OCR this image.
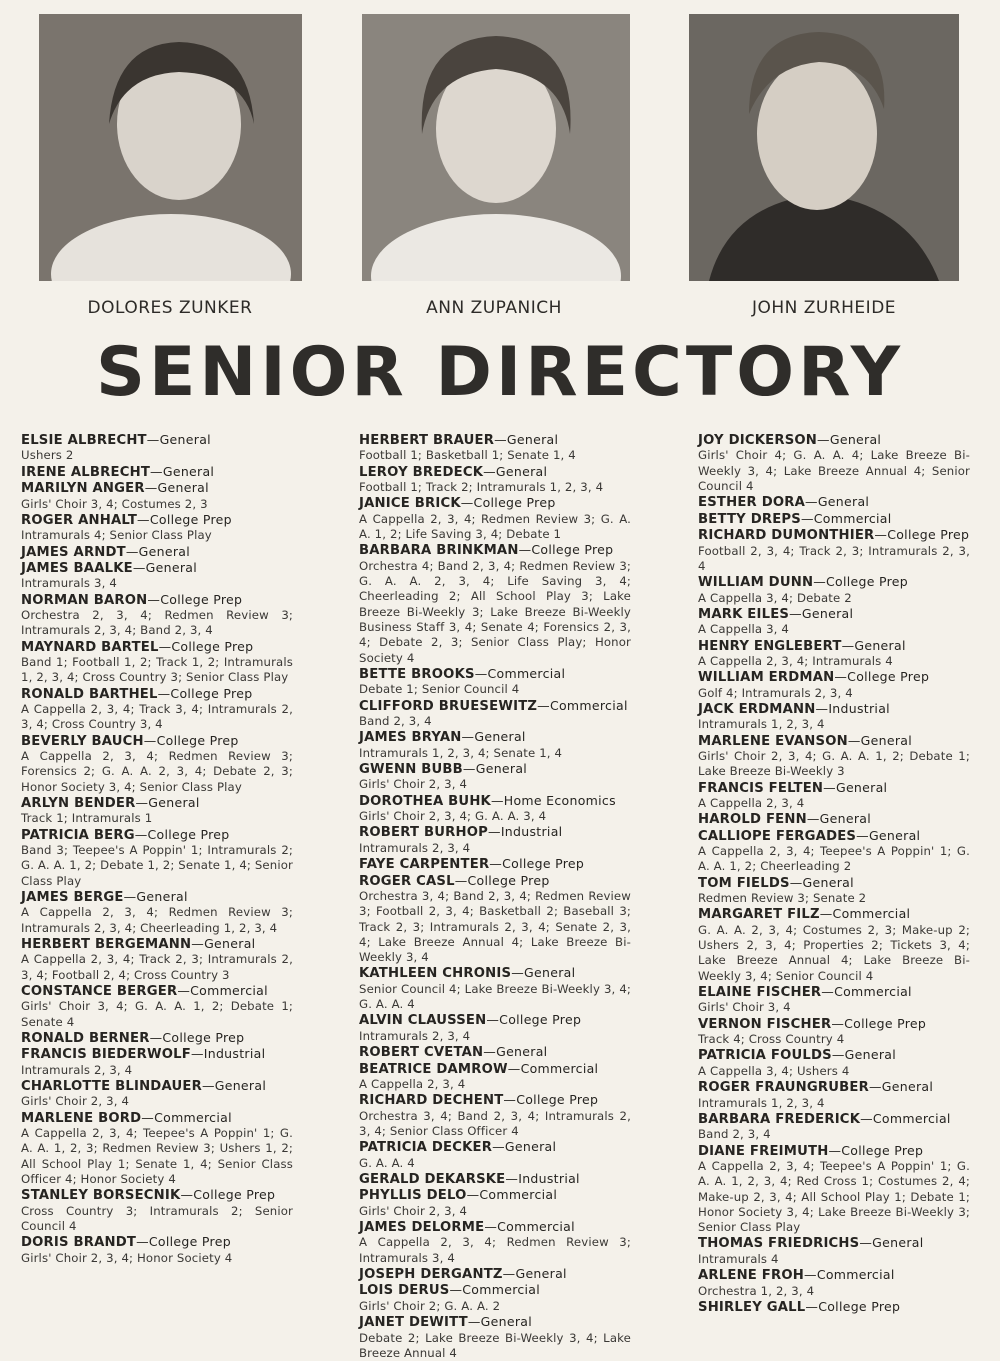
DOLORES ZUNKER	ANN ZUPANICH	JOHN ZURHEIDE
SENIOR DIRECTORY
ELSIE ALBRECHT—General
Ushers 2
IRENE ALBRECHT—General
MARILYN ANGER—General
Girls' Choir 3, 4; Costumes 2, 3
ROGER ANHALT—College Prep
Intramurals 4; Senior Class Play
JAMES ARNDT—General
JAMES BAALKE—General
Intramurals 3, 4
NORMAN BARON—College Prep
Orchestra 2, 3, 4; Redmen Review 3; Intramurals 2, 3, 4; Band 2, 3, 4
MAYNARD BARTEL—College Prep
Band 1; Football 1, 2; Track 1, 2; Intramurals 1, 2, 3, 4; Cross Country 3; Senior Class Play
RONALD BARTHEL—College Prep
A Cappella 2, 3, 4; Track 3, 4; Intramurals 2, 3, 4; Cross Country 3, 4
BEVERLY BAUCH—College Prep
A Cappella 2, 3, 4; Redmen Review 3; Forensics 2; G. A. A. 2, 3, 4; Debate 2, 3; Honor Society 3, 4; Senior Class Play
ARLYN BENDER—General
Track 1; Intramurals 1
PATRICIA BERG—College Prep
Band 3; Teepee's A Poppin' 1; Intramurals 2; G. A. A. 1, 2; Debate 1, 2; Senate 1, 4; Senior Class Play
JAMES BERGE—General
A Cappella 2, 3, 4; Redmen Review 3; Intramurals 2, 3, 4; Cheerleading 1, 2, 3, 4
HERBERT BERGEMANN—General
A Cappella 2, 3, 4; Track 2, 3; Intramurals 2, 3, 4; Football 2, 4; Cross Country 3
CONSTANCE BERGER—Commercial
Girls' Choir 3, 4; G. A. A. 1, 2; Debate 1; Senate 4
RONALD BERNER—College Prep
FRANCIS BIEDERWOLF—Industrial
Intramurals 2, 3, 4
CHARLOTTE BLINDAUER—General
Girls' Choir 2, 3, 4
MARLENE BORD—Commercial
A Cappella 2, 3, 4; Teepee's A Poppin' 1; G. A. A. 1, 2, 3; Redmen Review 3; Ushers 1, 2; All School Play 1; Senate 1, 4; Senior Class Officer 4; Honor Society 4
STANLEY BORSECNIK—College Prep
Cross Country 3; Intramurals 2; Senior Council 4
DORIS BRANDT—College Prep
Girls' Choir 2, 3, 4; Honor Society 4
HERBERT BRAUER—General
Football 1; Basketball 1; Senate 1, 4
LEROY BREDECK—General
Football 1; Track 2; Intramurals 1, 2, 3, 4
JANICE BRICK—College Prep
A Cappella 2, 3, 4; Redmen Review 3; G. A. A. 1, 2; Life Saving 3, 4; Debate 1
BARBARA BRINKMAN—College Prep
Orchestra 4; Band 2, 3, 4; Redmen Review 3; G. A. A. 2, 3, 4; Life Saving 3, 4; Cheerleading 2; All School Play 3; Lake Breeze Bi-Weekly 3; Lake Breeze Bi-Weekly Business Staff 3, 4; Senate 4; Forensics 2, 3, 4; Debate 2, 3; Senior Class Play; Honor Society 4
BETTE BROOKS—Commercial
Debate 1; Senior Council 4
CLIFFORD BRUESEWITZ—Commercial
Band 2, 3, 4
JAMES BRYAN—General
Intramurals 1, 2, 3, 4; Senate 1, 4
GWENN BUBB—General
Girls' Choir 2, 3, 4
DOROTHEA BUHK—Home Economics
Girls' Choir 2, 3, 4; G. A. A. 3, 4
ROBERT BURHOP—Industrial
Intramurals 2, 3, 4
FAYE CARPENTER—College Prep
ROGER CASL—College Prep
Orchestra 3, 4; Band 2, 3, 4; Redmen Review 3; Football 2, 3, 4; Basketball 2; Baseball 3; Track 2, 3; Intramurals 2, 3, 4; Senate 2, 3, 4; Lake Breeze Annual 4; Lake Breeze Bi-Weekly 3, 4
KATHLEEN CHRONIS—General
Senior Council 4; Lake Breeze Bi-Weekly 3, 4; G. A. A. 4
ALVIN CLAUSSEN—College Prep
Intramurals 2, 3, 4
ROBERT CVETAN—General
BEATRICE DAMROW—Commercial
A Cappella 2, 3, 4
RICHARD DECHENT—College Prep
Orchestra 3, 4; Band 2, 3, 4; Intramurals 2, 3, 4; Senior Class Officer 4
PATRICIA DECKER—General
G. A. A. 4
GERALD DEKARSKE—Industrial
PHYLLIS DELO—Commercial
Girls' Choir 2, 3, 4
JAMES DELORME—Commercial
A Cappella 2, 3, 4; Redmen Review 3; Intramurals 3, 4
JOSEPH DERGANTZ—General
LOIS DERUS—Commercial
Girls' Choir 2; G. A. A. 2
JANET DEWITT—General
Debate 2; Lake Breeze Bi-Weekly 3, 4; Lake Breeze Annual 4
JOY DICKERSON—General
Girls' Choir 4; G. A. A. 4; Lake Breeze Bi-Weekly 3, 4; Lake Breeze Annual 4; Senior Council 4
ESTHER DORA—General
BETTY DREPS—Commercial
RICHARD DUMONTHIER—College Prep
Football 2, 3, 4; Track 2, 3; Intramurals 2, 3, 4
WILLIAM DUNN—College Prep
A Cappella 3, 4; Debate 2
MARK EILES—General
A Cappella 3, 4
HENRY ENGLEBERT—General
A Cappella 2, 3, 4; Intramurals 4
WILLIAM ERDMAN—College Prep
Golf 4; Intramurals 2, 3, 4
JACK ERDMANN—Industrial
Intramurals 1, 2, 3, 4
MARLENE EVANSON—General
Girls' Choir 2, 3, 4; G. A. A. 1, 2; Debate 1; Lake Breeze Bi-Weekly 3
FRANCIS FELTEN—General
A Cappella 2, 3, 4
HAROLD FENN—General
CALLIOPE FERGADES—General
A Cappella 2, 3, 4; Teepee's A Poppin' 1; G. A. A. 1, 2; Cheerleading 2
TOM FIELDS—General
Redmen Review 3; Senate 2
MARGARET FILZ—Commercial
G. A. A. 2, 3, 4; Costumes 2, 3; Make-up 2; Ushers 2, 3, 4; Properties 2; Tickets 3, 4; Lake Breeze Annual 4; Lake Breeze Bi-Weekly 3, 4; Senior Council 4
ELAINE FISCHER—Commercial
Girls' Choir 3, 4
VERNON FISCHER—College Prep
Track 4; Cross Country 4
PATRICIA FOULDS—General
A Cappella 3, 4; Ushers 4
ROGER FRAUNGRUBER—General
Intramurals 1, 2, 3, 4
BARBARA FREDERICK—Commercial
Band 2, 3, 4
DIANE FREIMUTH—College Prep
A Cappella 2, 3, 4; Teepee's A Poppin' 1; G. A. A. 1, 2, 3, 4; Red Cross 1; Costumes 2, 4; Make-up 2, 3, 4; All School Play 1; Debate 1; Honor Society 3, 4; Lake Breeze Bi-Weekly 3; Senior Class Play
THOMAS FRIEDRICHS—General
Intramurals 4
ARLENE FROH—Commercial
Orchestra 1, 2, 3, 4
SHIRLEY GALL—College Prep
